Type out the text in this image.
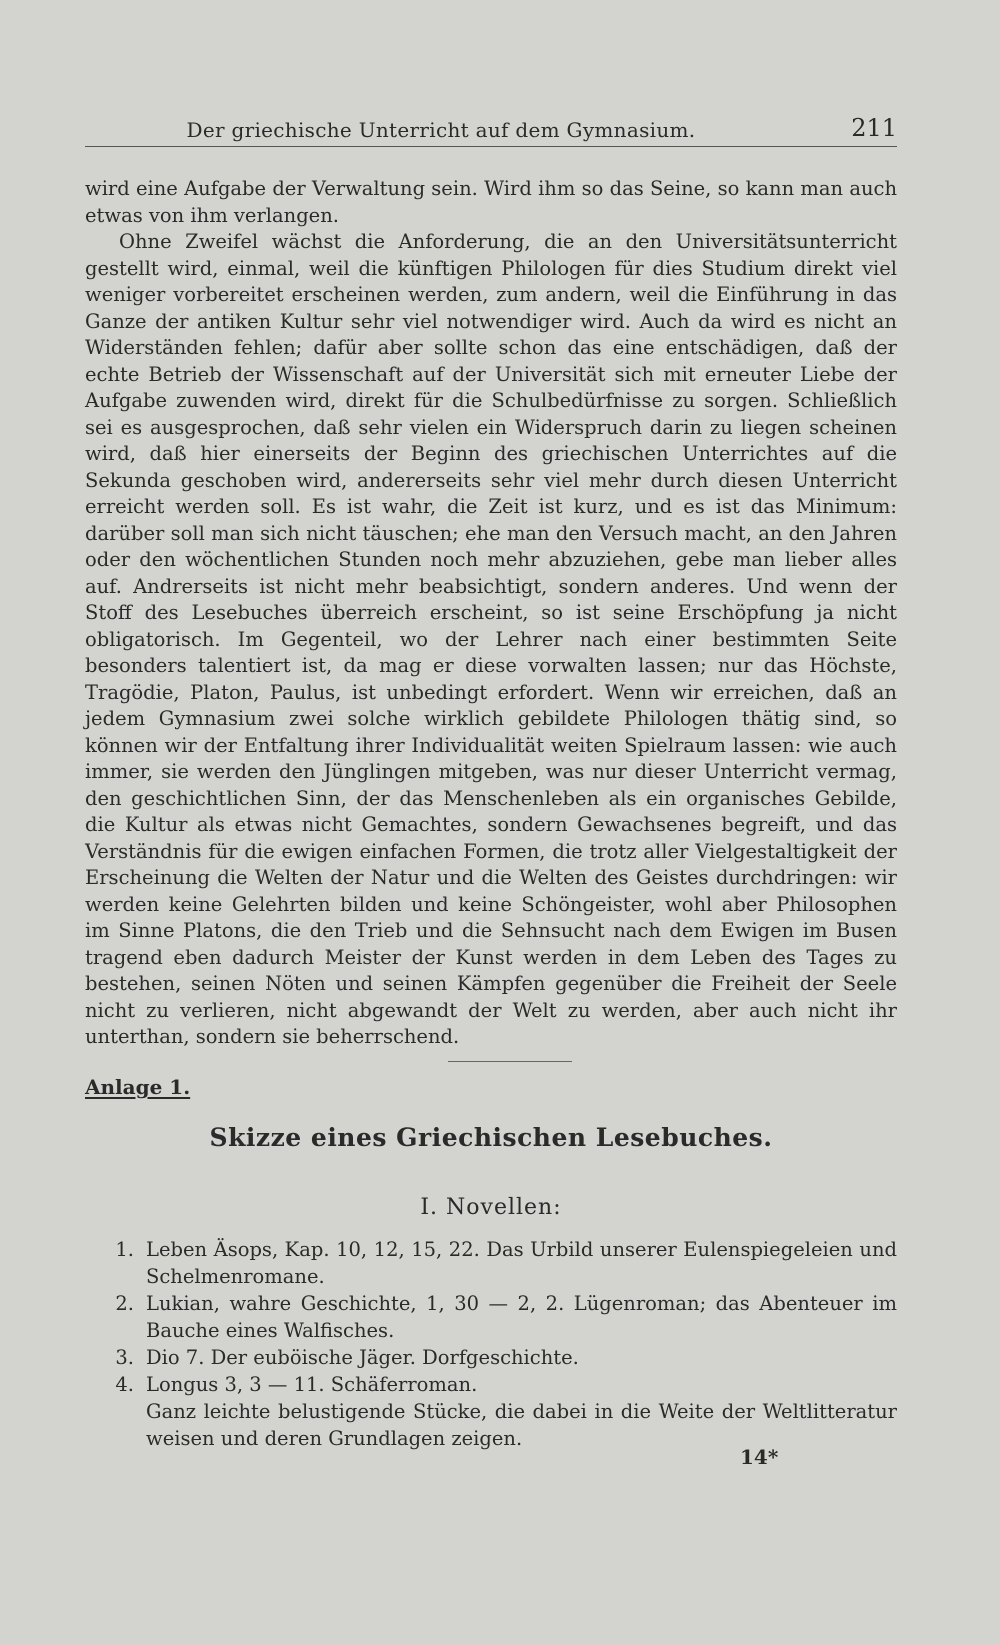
Der griechische Unterricht auf dem Gymnasium.	211

wird eine Aufgabe der Verwaltung sein. Wird ihm so das Seine, so kann man auch etwas von ihm verlangen.

Ohne Zweifel wächst die Anforderung, die an den Universitätsunterricht gestellt wird, einmal, weil die künftigen Philologen für dies Studium direkt viel weniger vorbereitet erscheinen werden, zum andern, weil die Einführung in das Ganze der antiken Kultur sehr viel notwendiger wird. Auch da wird es nicht an Widerständen fehlen; dafür aber sollte schon das eine entschädigen, daß der echte Betrieb der Wissenschaft auf der Universität sich mit erneuter Liebe der Aufgabe zuwenden wird, direkt für die Schulbedürfnisse zu sorgen. Schließlich sei es ausgesprochen, daß sehr vielen ein Widerspruch darin zu liegen scheinen wird, daß hier einerseits der Beginn des griechischen Unterrichtes auf die Sekunda geschoben wird, andererseits sehr viel mehr durch diesen Unterricht erreicht werden soll. Es ist wahr, die Zeit ist kurz, und es ist das Minimum: darüber soll man sich nicht täuschen; ehe man den Versuch macht, an den Jahren oder den wöchentlichen Stunden noch mehr abzuziehen, gebe man lieber alles auf. Andrerseits ist nicht mehr beabsichtigt, sondern anderes. Und wenn der Stoff des Lesebuches überreich erscheint, so ist seine Erschöpfung ja nicht obligatorisch. Im Gegenteil, wo der Lehrer nach einer bestimmten Seite besonders talentiert ist, da mag er diese vorwalten lassen; nur das Höchste, Tragödie, Platon, Paulus, ist unbedingt erfordert. Wenn wir erreichen, daß an jedem Gymnasium zwei solche wirklich gebildete Philologen thätig sind, so können wir der Entfaltung ihrer Individualität weiten Spielraum lassen: wie auch immer, sie werden den Jünglingen mitgeben, was nur dieser Unterricht vermag, den geschichtlichen Sinn, der das Menschenleben als ein organisches Gebilde, die Kultur als etwas nicht Gemachtes, sondern Gewachsenes begreift, und das Verständnis für die ewigen einfachen Formen, die trotz aller Vielgestaltigkeit der Erscheinung die Welten der Natur und die Welten des Geistes durchdringen: wir werden keine Gelehrten bilden und keine Schöngeister, wohl aber Philosophen im Sinne Platons, die den Trieb und die Sehnsucht nach dem Ewigen im Busen tragend eben dadurch Meister der Kunst werden in dem Leben des Tages zu bestehen, seinen Nöten und seinen Kämpfen gegenüber die Freiheit der Seele nicht zu verlieren, nicht abgewandt der Welt zu werden, aber auch nicht ihr unterthan, sondern sie beherrschend.

Anlage 1.
Skizze eines Griechischen Lesebuches.
I. Novellen:
1. Leben Äsops, Kap. 10, 12, 15, 22. Das Urbild unserer Eulenspiegeleien und Schelmenromane.
2. Lukian, wahre Geschichte, 1, 30 — 2, 2. Lügenroman; das Abenteuer im Bauche eines Walfisches.
3. Dio 7. Der euböische Jäger. Dorfgeschichte.
4. Longus 3, 3 — 11. Schäferroman.
Ganz leichte belustigende Stücke, die dabei in die Weite der Weltlitteratur weisen und deren Grundlagen zeigen.
14*
